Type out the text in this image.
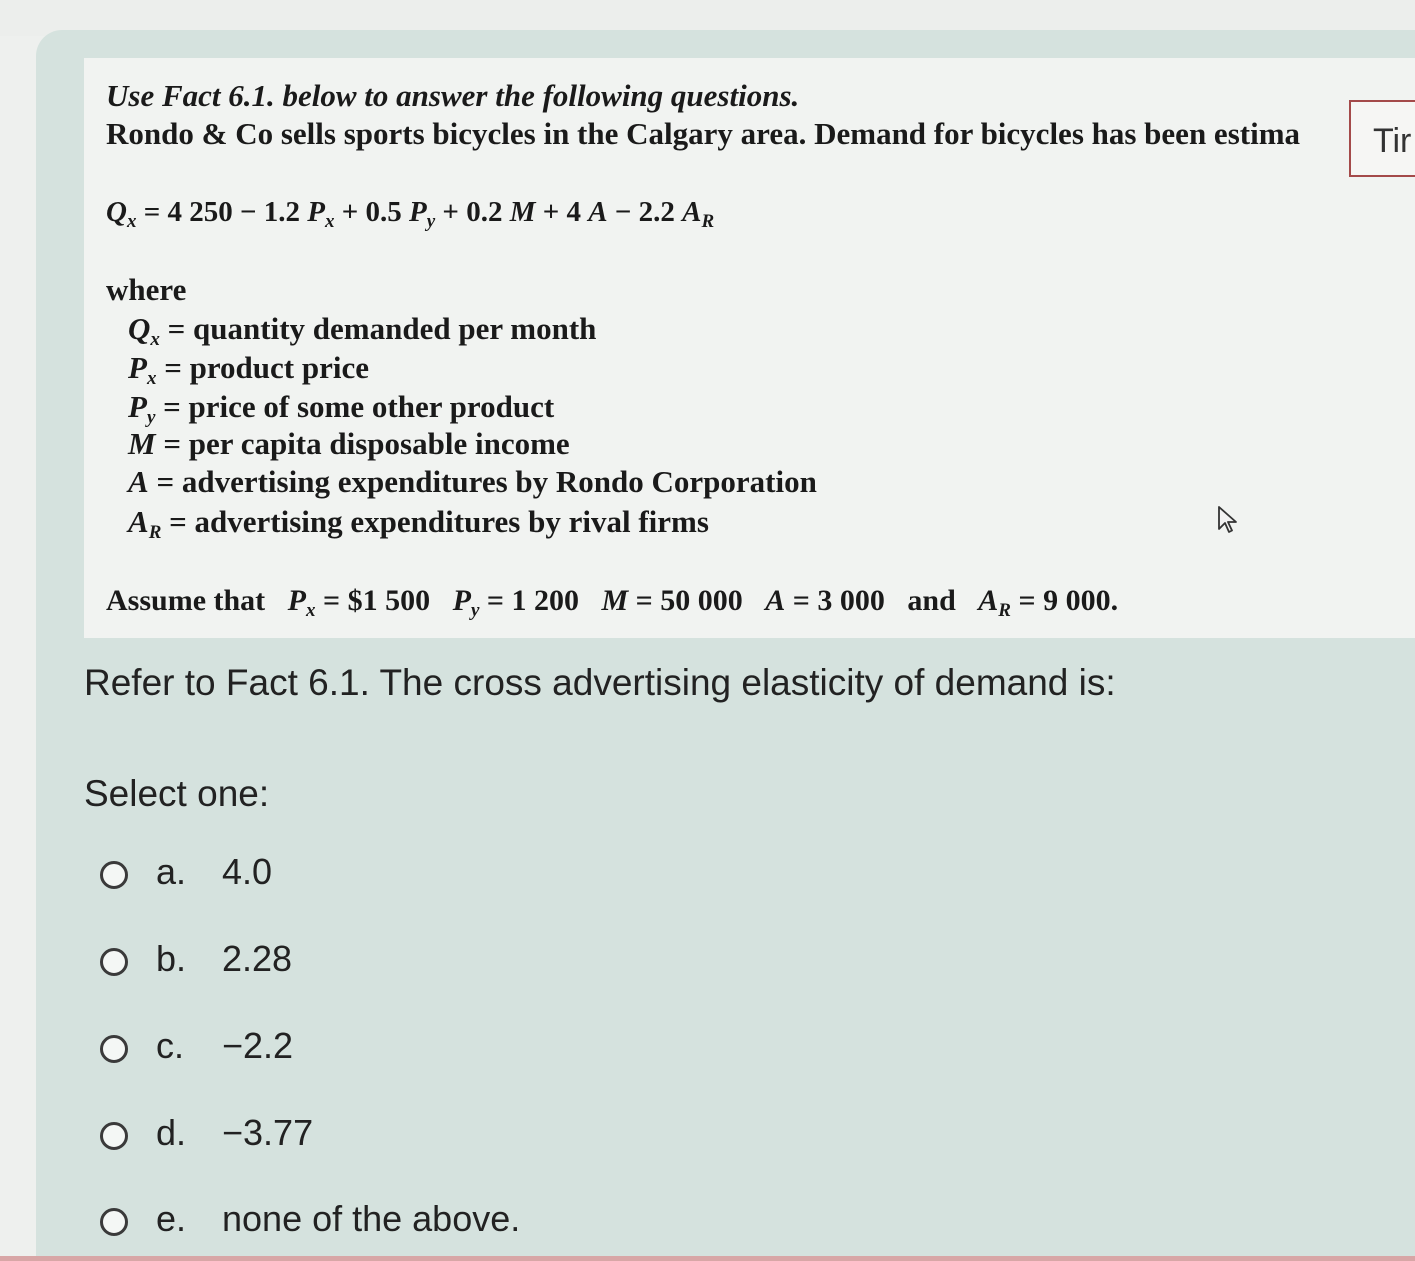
Use Fact 6.1. below to answer the following questions.
Rondo & Co sells sports bicycles in the Calgary area. Demand for bicycles has been estima	Tir
$Q_x = 4$ 250 − 1.2 $P_x + 0.5$ $P_y + 0.2$ M + 4 A − 2.2 $A_R$
where
$Q_x$ = quantity demanded per month
$P_x$ = product price
$P_y$ = price of some other product
M = per capita disposable income
A = advertising expenditures by Rondo Corporation
$A_R$ = advertising expenditures by rival firms
Assume that $P_x$ = $1 500 $P_y = 1$ 200 M = 50 000 A = 3 000 and $A_R = 9$ 000.
Refer to Fact 6.1. The cross advertising elasticity of demand is:
Select one:
a. 4.0
b. 2.28
c. −2.2
d. −3.77
e. none of the above.
